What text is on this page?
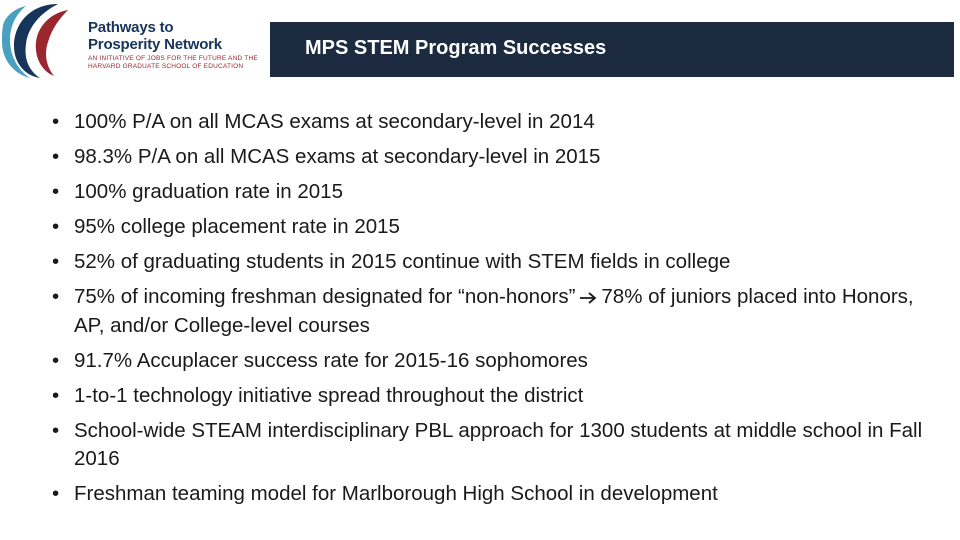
Pathways to
Prosperity Network
AN INITIATIVE OF JOBS FOR THE FUTURE AND THE HARVARD GRADUATE SCHOOL OF EDUCATION
MPS STEM Program Successes
• 100% P/A on all MCAS exams at secondary-level in 2014
• 98.3% P/A on all MCAS exams at secondary-level in 2015
• 100% graduation rate in 2015
• 95% college placement rate in 2015
• 52% of graduating students in 2015 continue with STEM fields in college
• 75% of incoming freshman designated for “non-honors” 78% of juniors placed into Honors, AP, and/or College-level courses
• 91.7% Accuplacer success rate for 2015-16 sophomores
• 1-to-1 technology initiative spread throughout the district
• School-wide STEAM interdisciplinary PBL approach for 1300 students at middle school in Fall 2016
• Freshman teaming model for Marlborough High School in development
